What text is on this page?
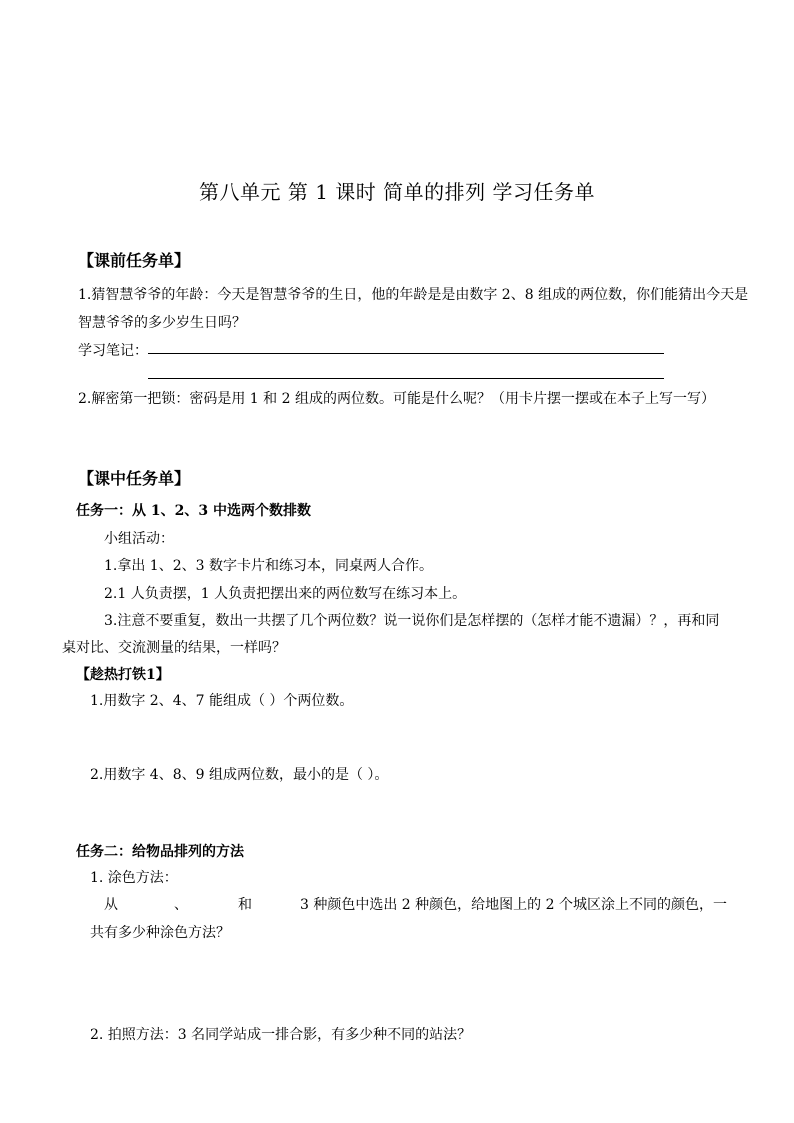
第八单元 第 1 课时 简单的排列 学习任务单
【课前任务单】
1.猜智慧爷爷的年龄：今天是智慧爷爷的生日，他的年龄是是由数字 2、8 组成的两位数，你们能猜出今天是
智慧爷爷的多少岁生日吗？
学习笔记：
2.解密第一把锁：密码是用 1 和 2 组成的两位数。可能是什么呢？（用卡片摆一摆或在本子上写一写）
【课中任务单】
任务一：从 1、2、3 中选两个数排数
小组活动：
1.拿出 1、2、3 数字卡片和练习本，同桌两人合作。
2.1 人负责摆，1 人负责把摆出来的两位数写在练习本上。
3.注意不要重复，数出一共摆了几个两位数？说一说你们是怎样摆的（怎样才能不遗漏）？，再和同
桌对比、交流测量的结果，一样吗？
【趁热打铁1】
1.用数字 2、4、7 能组成（ ）个两位数。
2.用数字 4、8、9 组成两位数，最小的是（ ）。
任务二：给物品排列的方法
1. 涂色方法：
从	、	和	3 种颜色中选出 2 种颜色，给地图上的 2 个城区涂上不同的颜色，一
共有多少种涂色方法？
2. 拍照方法：3 名同学站成一排合影，有多少种不同的站法？
